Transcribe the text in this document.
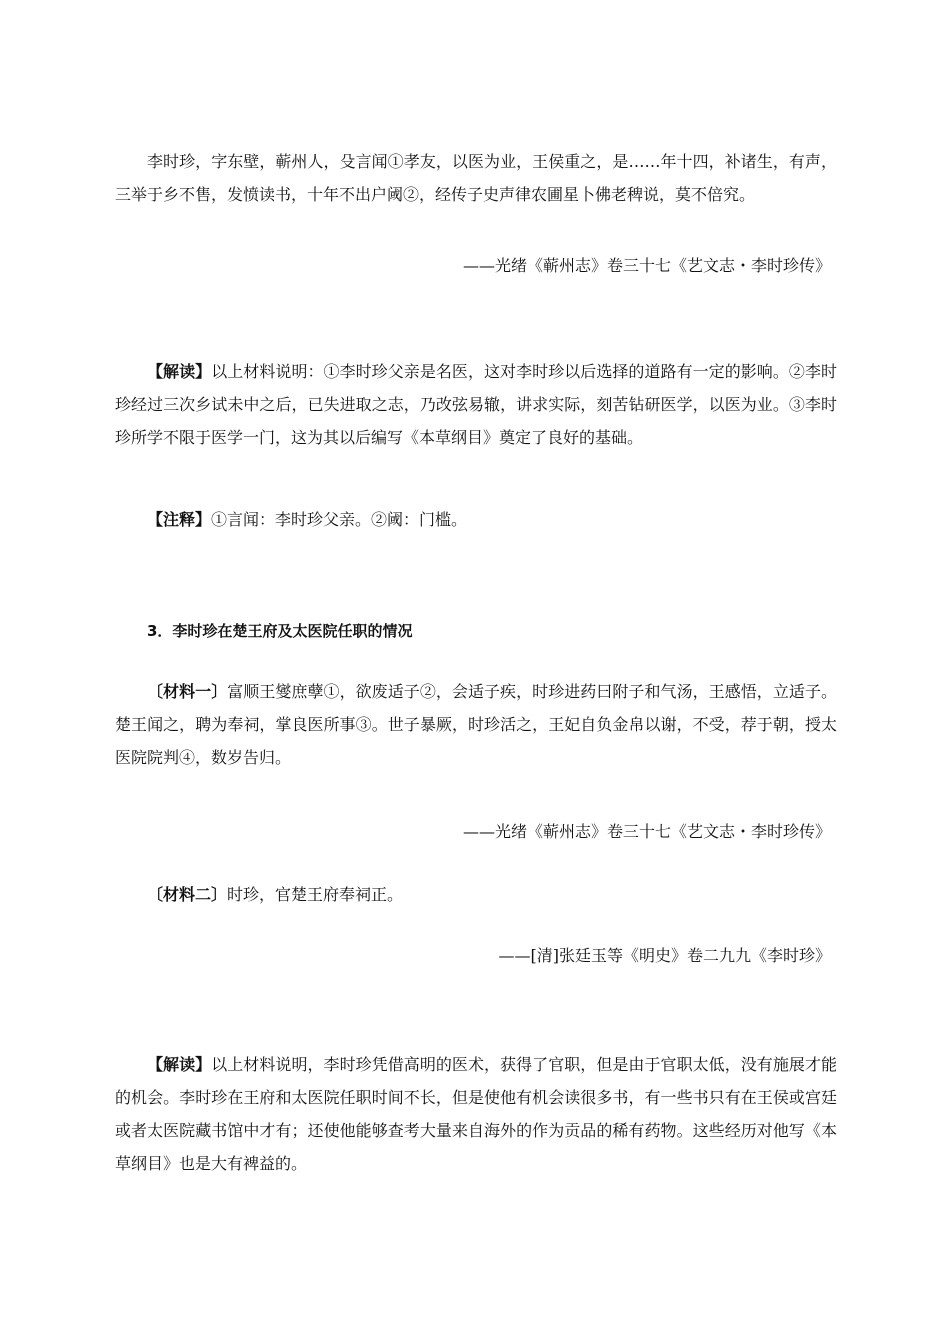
李时珍，字东壁，蕲州人，殳言闻①孝友，以医为业，王侯重之，是……年十四，补诸生，有声，三举于乡不售，发愤读书，十年不出户阈②，经传子史声律农圃星卜佛老稗说，莫不倍究。

——光绪《蕲州志》卷三十七《艺文志・李时珍传》

【解读】以上材料说明：①李时珍父亲是名医，这对李时珍以后选择的道路有一定的影响。②李时珍经过三次乡试未中之后，已失进取之志，乃改弦易辙，讲求实际，刻苦钻研医学，以医为业。③李时珍所学不限于医学一门，这为其以后编写《本草纲目》奠定了良好的基础。

【注释】①言闻：李时珍父亲。②阈：门槛。

3．李时珍在楚王府及太医院任职的情况

〔材料一〕富顺王燮庶孽①，欲废适子②，会适子疾，时珍进药曰附子和气汤，王感悟，立适子。楚王闻之，聘为奉祠，掌良医所事③。世子暴厥，时珍活之，王妃自负金帛以谢，不受，荐于朝，授太医院院判④，数岁告归。

——光绪《蕲州志》卷三十七《艺文志・李时珍传》

〔材料二〕时珍，官楚王府奉祠正。

——[清]张廷玉等《明史》卷二九九《李时珍》

【解读】以上材料说明，李时珍凭借高明的医术，获得了官职，但是由于官职太低，没有施展才能的机会。李时珍在王府和太医院任职时间不长，但是使他有机会读很多书，有一些书只有在王侯或宫廷或者太医院藏书馆中才有；还使他能够查考大量来自海外的作为贡品的稀有药物。这些经历对他写《本草纲目》也是大有裨益的。
